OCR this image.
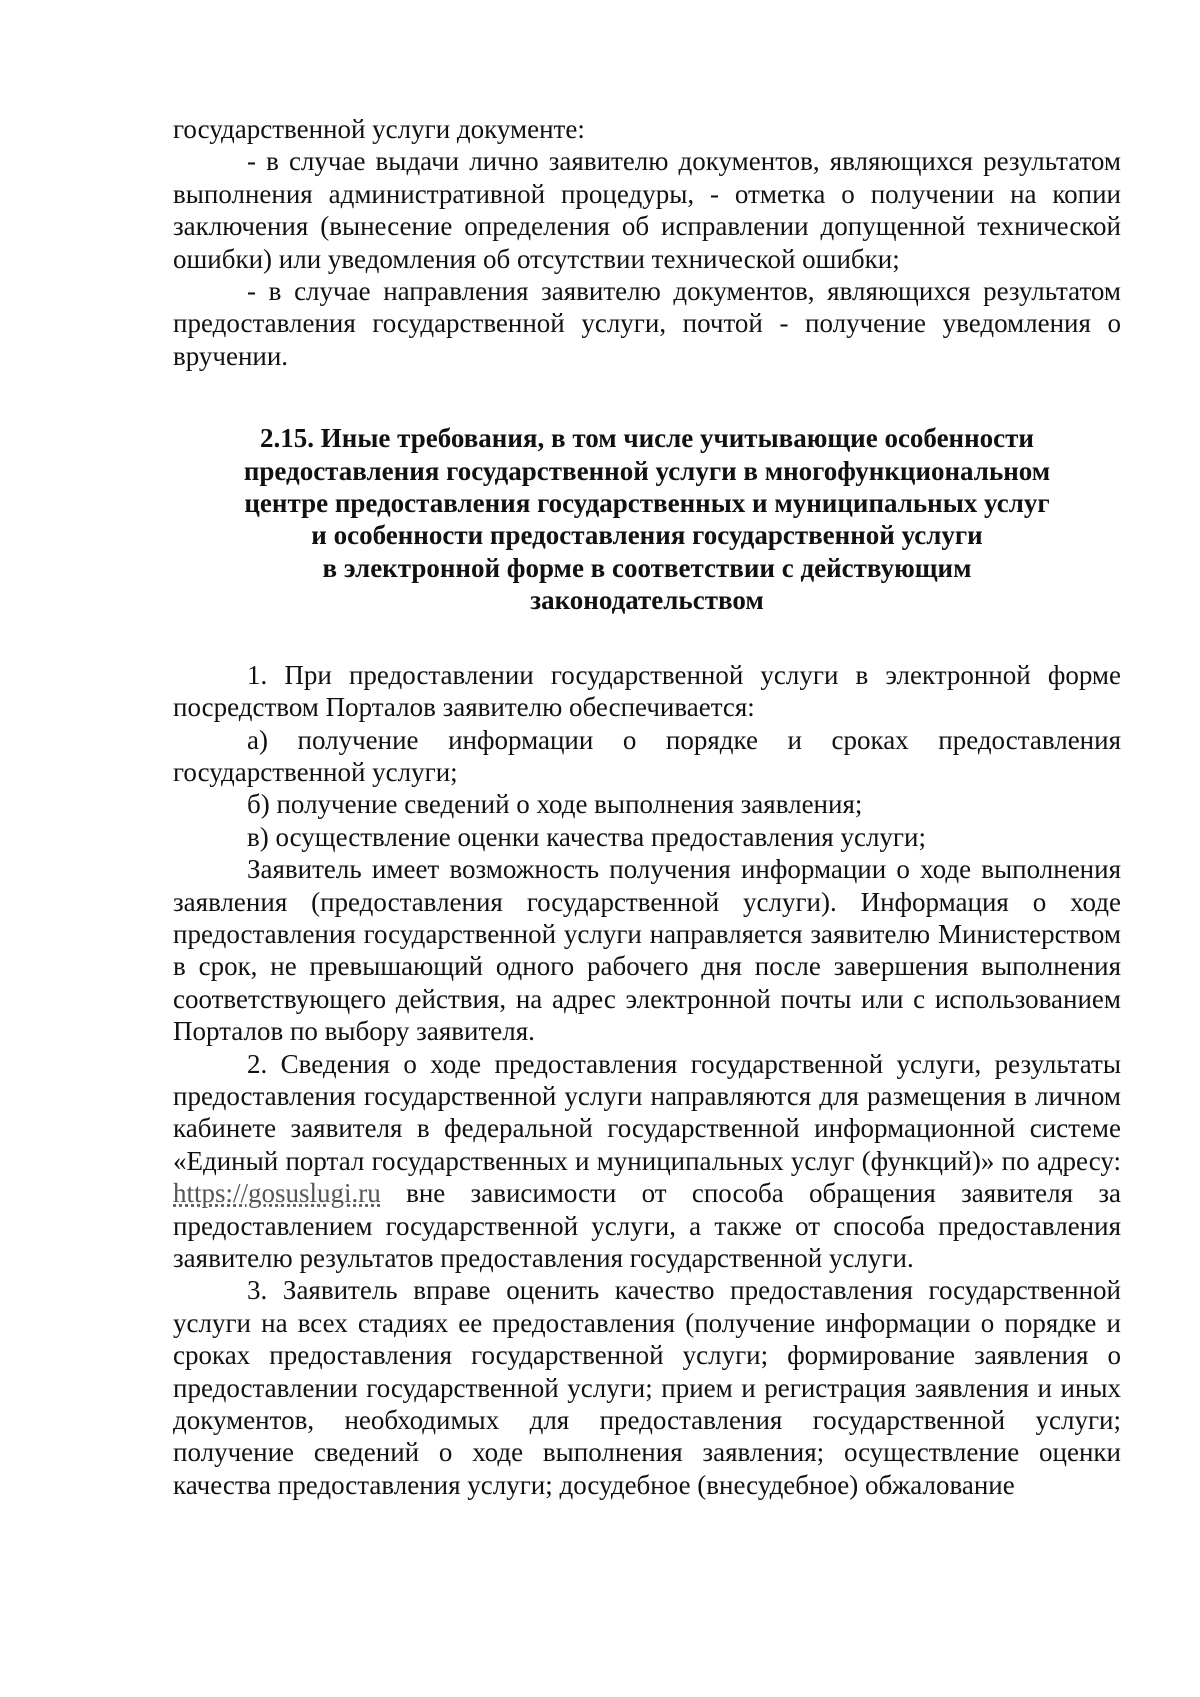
государственной услуги документе:

- в случае выдачи лично заявителю документов, являющихся результатом выполнения административной процедуры, - отметка о получении на копии заключения (вынесение определения об исправлении допущенной технической ошибки) или уведомления об отсутствии технической ошибки;

- в случае направления заявителю документов, являющихся результатом предоставления государственной услуги, почтой - получение уведомления о вручении.

2.15. Иные требования, в том числе учитывающие особенности

предоставления государственной услуги в многофункциональном

центре предоставления государственных и муниципальных услуг

и особенности предоставления государственной услуги

в электронной форме в соответствии с действующим

законодательством

1. При предоставлении государственной услуги в электронной форме посредством Порталов заявителю обеспечивается:

а) получение информации о порядке и сроках предоставления государственной услуги;

б) получение сведений о ходе выполнения заявления;

в) осуществление оценки качества предоставления услуги;

Заявитель имеет возможность получения информации о ходе выполнения заявления (предоставления государственной услуги). Информация о ходе предоставления государственной услуги направляется заявителю Министерством в срок, не превышающий одного рабочего дня после завершения выполнения соответствующего действия, на адрес электронной почты или с использованием Порталов по выбору заявителя.

2. Сведения о ходе предоставления государственной услуги, результаты предоставления государственной услуги направляются для размещения в личном кабинете заявителя в федеральной государственной информационной системе «Единый портал государственных и муниципальных услуг (функций)» по адресу: https://gosuslugi.ru вне зависимости от способа обращения заявителя за предоставлением государственной услуги, а также от способа предоставления заявителю результатов предоставления государственной услуги.

3. Заявитель вправе оценить качество предоставления государственной услуги на всех стадиях ее предоставления (получение информации о порядке и сроках предоставления государственной услуги; формирование заявления о предоставлении государственной услуги; прием и регистрация заявления и иных документов, необходимых для предоставления государственной услуги; получение сведений о ходе выполнения заявления; осуществление оценки качества предоставления услуги; досудебное (внесудебное) обжалование
